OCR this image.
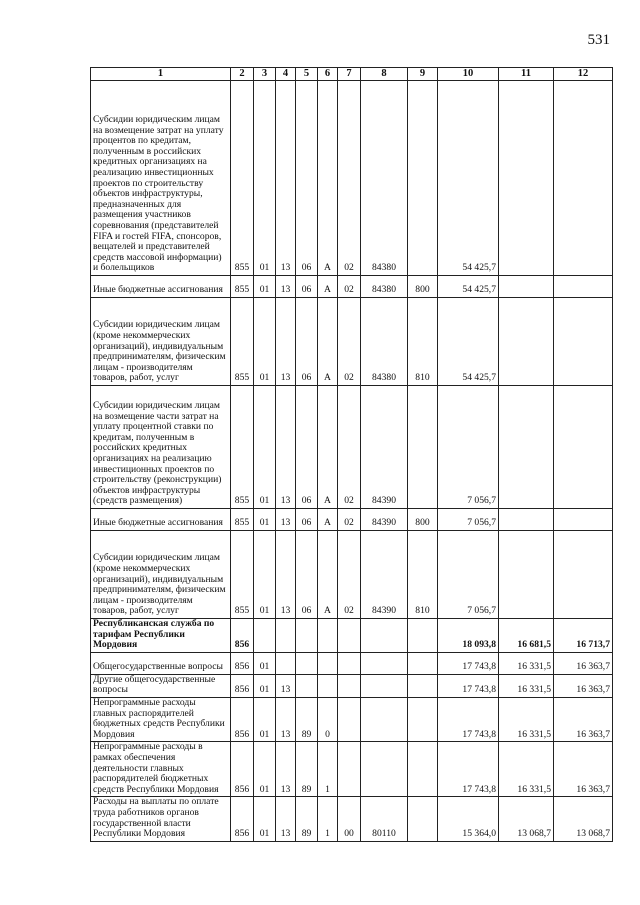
531
1	2	3	4	5	6	7	8	9	10	11	12
Субсидии юридическим лицам на возмещение затрат на уплату процентов по кредитам, полученным в российских кредитных организациях на реализацию инвестиционных проектов по строительству объектов инфраструктуры, предназначенных для размещения участников соревнования (представителей FIFA и гостей FIFA, спонсоров, вещателей и представителей средств массовой информации) и болельщиков	855	01	13	06	А	02	84380		54 425,7		
Иные бюджетные ассигнования	855	01	13	06	А	02	84380	800	54 425,7		
Субсидии юридическим лицам (кроме некоммерческих организаций), индивидуальным предпринимателям, физическим лицам - производителям товаров, работ, услуг	855	01	13	06	А	02	84380	810	54 425,7		
Субсидии юридическим лицам на возмещение части затрат на уплату процентной ставки по кредитам, полученным в российских кредитных организациях на реализацию инвестиционных проектов по строительству (реконструкции) объектов инфраструктуры (средств размещения)	855	01	13	06	А	02	84390		7 056,7		
Иные бюджетные ассигнования	855	01	13	06	А	02	84390	800	7 056,7		
Субсидии юридическим лицам (кроме некоммерческих организаций), индивидуальным предпринимателям, физическим лицам - производителям товаров, работ, услуг	855	01	13	06	А	02	84390	810	7 056,7		
Республиканская служба по тарифам Республики Мордовия	856								18 093,8	16 681,5	16 713,7
Общегосударственные вопросы	856	01							17 743,8	16 331,5	16 363,7
Другие общегосударственные вопросы	856	01	13						17 743,8	16 331,5	16 363,7
Непрограммные расходы главных распорядителей бюджетных средств Республики Мордовия	856	01	13	89	0				17 743,8	16 331,5	16 363,7
Непрограммные расходы в рамках обеспечения деятельности главных распорядителей бюджетных средств Республики Мордовия	856	01	13	89	1				17 743,8	16 331,5	16 363,7
Расходы на выплаты по оплате труда работников органов государственной власти Республики Мордовия	856	01	13	89	1	00	80110		15 364,0	13 068,7	13 068,7
